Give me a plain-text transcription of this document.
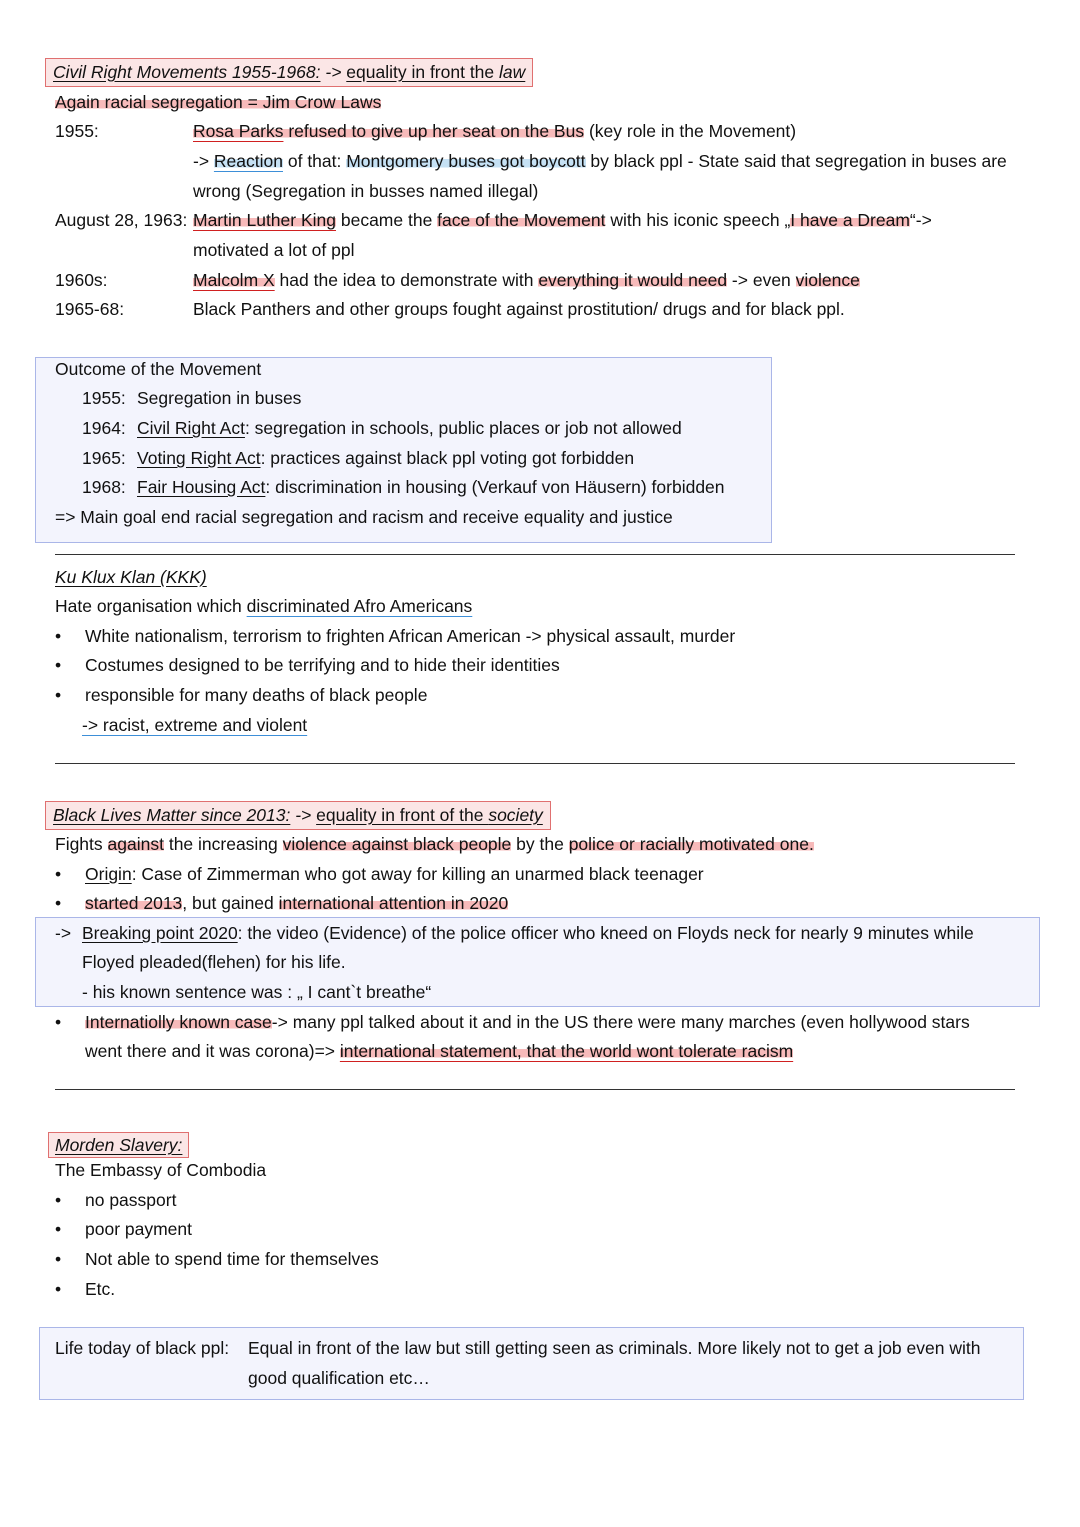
Civil Right Movements 1955-1968: -> equality in front the law
Again racial segregation = Jim Crow Laws
1955:	Rosa Parks refused to give up her seat on the Bus (key role in the Movement)
-> Reaction of that: Montgomery buses got boycott by black ppl - State said that segregation in buses are
wrong (Segregation in busses named illegal)
August 28, 1963: Martin Luther King became the face of the Movement with his iconic speech „I have a Dream“->
motivated a lot of ppl
1960s:	Malcolm X had the idea to demonstrate with everything it would need -> even violence
1965-68:	Black Panthers and other groups fought against prostitution/ drugs and for black ppl.
Outcome of the Movement
1955: Segregation in buses
1964: Civil Right Act: segregation in schools, public places or job not allowed
1965: Voting Right Act: practices against black ppl voting got forbidden
1968: Fair Housing Act: discrimination in housing (Verkauf von Häusern) forbidden
=> Main goal end racial segregation and racism and receive equality and justice
Ku Klux Klan (KKK)
Hate organisation which discriminated Afro Americans
• White nationalism, terrorism to frighten African American -> physical assault, murder
• Costumes designed to be terrifying and to hide their identities
• responsible for many deaths of black people
-> racist, extreme and violent
Black Lives Matter since 2013: -> equality in front of the society
Fights against the increasing violence against black people by the police or racially motivated one.
• Origin: Case of Zimmerman who got away for killing an unarmed black teenager
• started 2013, but gained international attention in 2020
-> Breaking point 2020: the video (Evidence) of the police officer who kneed on Floyds neck for nearly 9 minutes while
Floyed pleaded(flehen) for his life.
- his known sentence was : „ I cant`t breathe“
• Internatiolly known case-> many ppl talked about it and in the US there were many marches (even hollywood stars
went there and it was corona)=> international statement, that the world wont tolerate racism
Morden Slavery:
The Embassy of Combodia
• no passport
• poor payment
• Not able to spend time for themselves
• Etc.
Life today of black ppl: Equal in front of the law but still getting seen as criminals. More likely not to get a job even with
good qualification etc…
